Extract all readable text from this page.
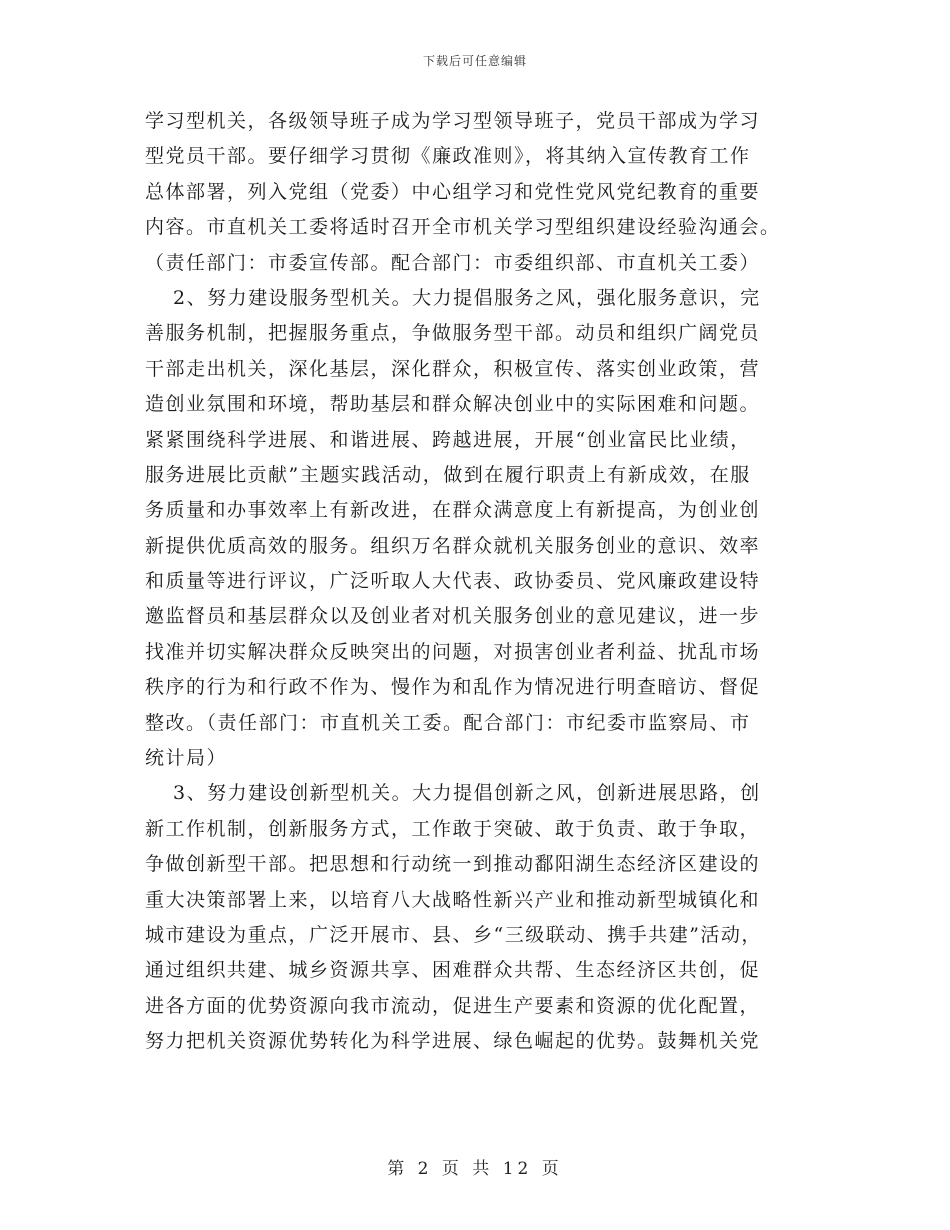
下载后可任意编辑
学习型机关，各级领导班子成为学习型领导班子，党员干部成为学习
型党员干部。要仔细学习贯彻《廉政准则》，将其纳入宣传教育工作
总体部署，列入党组（党委）中心组学习和党性党风党纪教育的重要
内容。市直机关工委将适时召开全市机关学习型组织建设经验沟通会。
（责任部门：市委宣传部。配合部门：市委组织部、市直机关工委）
2、努力建设服务型机关。大力提倡服务之风，强化服务意识，完
善服务机制，把握服务重点，争做服务型干部。动员和组织广阔党员
干部走出机关，深化基层，深化群众，积极宣传、落实创业政策，营
造创业氛围和环境，帮助基层和群众解决创业中的实际困难和问题。
紧紧围绕科学进展、和谐进展、跨越进展，开展“创业富民比业绩，
服务进展比贡献”主题实践活动，做到在履行职责上有新成效，在服
务质量和办事效率上有新改进，在群众满意度上有新提高，为创业创
新提供优质高效的服务。组织万名群众就机关服务创业的意识、效率
和质量等进行评议，广泛听取人大代表、政协委员、党风廉政建设特
邀监督员和基层群众以及创业者对机关服务创业的意见建议，进一步
找准并切实解决群众反映突出的问题，对损害创业者利益、扰乱市场
秩序的行为和行政不作为、慢作为和乱作为情况进行明查暗访、督促
整改。（责任部门：市直机关工委。配合部门：市纪委市监察局、市
统计局）
3、努力建设创新型机关。大力提倡创新之风，创新进展思路，创
新工作机制，创新服务方式，工作敢于突破、敢于负责、敢于争取，
争做创新型干部。把思想和行动统一到推动鄱阳湖生态经济区建设的
重大决策部署上来，以培育八大战略性新兴产业和推动新型城镇化和
城市建设为重点，广泛开展市、县、乡“三级联动、携手共建”活动，
通过组织共建、城乡资源共享、困难群众共帮、生态经济区共创，促
进各方面的优势资源向我市流动，促进生产要素和资源的优化配置，
努力把机关资源优势转化为科学进展、绿色崛起的优势。鼓舞机关党
第 2 页 共 12 页
